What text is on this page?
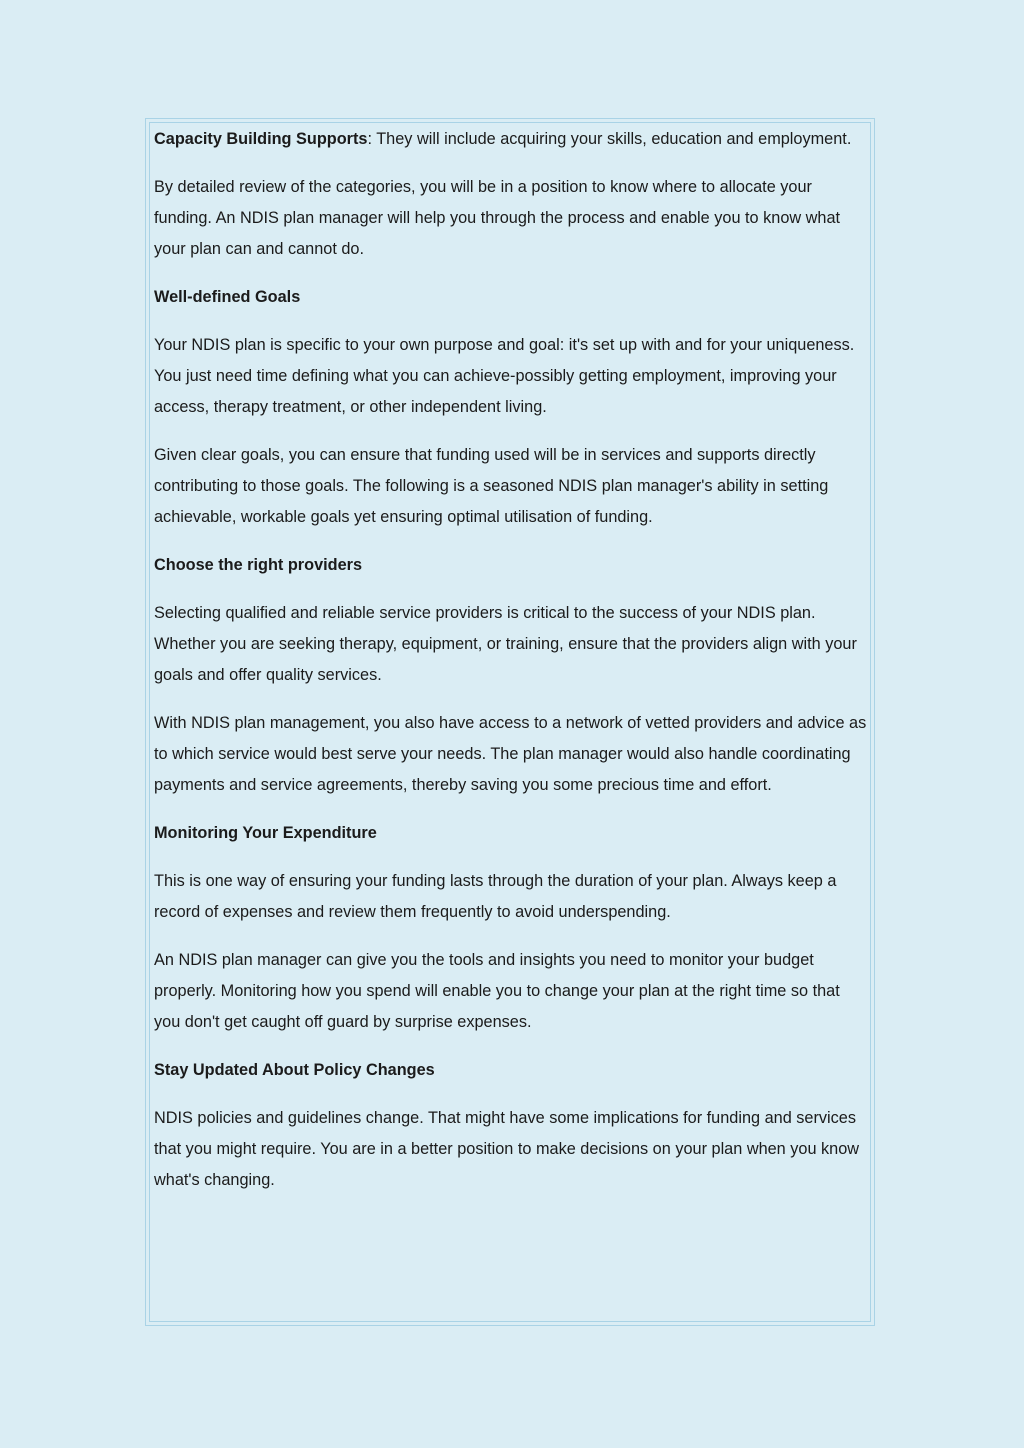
Capacity Building Supports: They will include acquiring your skills, education and employment.

By detailed review of the categories, you will be in a position to know where to allocate your funding. An NDIS plan manager will help you through the process and enable you to know what your plan can and cannot do.

Well-defined Goals

Your NDIS plan is specific to your own purpose and goal: it's set up with and for your uniqueness. You just need time defining what you can achieve-possibly getting employment, improving your access, therapy treatment, or other independent living.

Given clear goals, you can ensure that funding used will be in services and supports directly contributing to those goals. The following is a seasoned NDIS plan manager's ability in setting achievable, workable goals yet ensuring optimal utilisation of funding.

Choose the right providers

Selecting qualified and reliable service providers is critical to the success of your NDIS plan. Whether you are seeking therapy, equipment, or training, ensure that the providers align with your goals and offer quality services.

With NDIS plan management, you also have access to a network of vetted providers and advice as to which service would best serve your needs. The plan manager would also handle coordinating payments and service agreements, thereby saving you some precious time and effort.

Monitoring Your Expenditure

This is one way of ensuring your funding lasts through the duration of your plan. Always keep a record of expenses and review them frequently to avoid underspending.

An NDIS plan manager can give you the tools and insights you need to monitor your budget properly. Monitoring how you spend will enable you to change your plan at the right time so that you don't get caught off guard by surprise expenses.

Stay Updated About Policy Changes

NDIS policies and guidelines change. That might have some implications for funding and services that you might require. You are in a better position to make decisions on your plan when you know what's changing.
